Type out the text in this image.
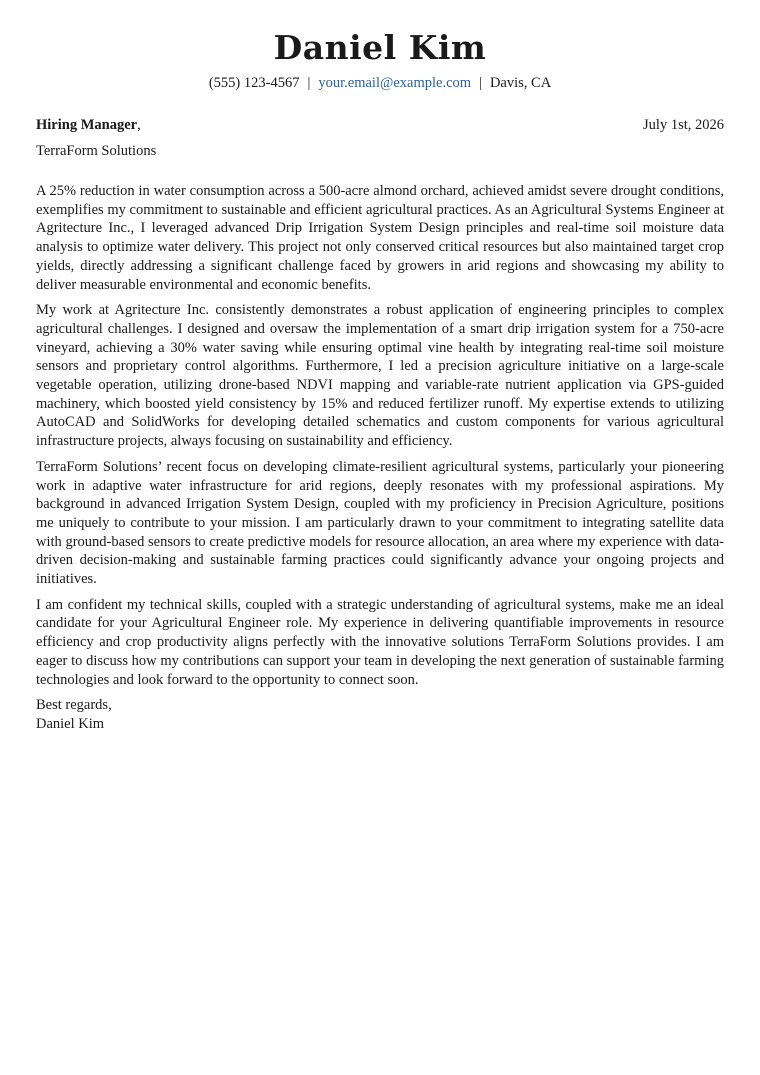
Daniel Kim
(555) 123-4567 | your.email@example.com | Davis, CA
Hiring Manager,	July 1st, 2026
TerraForm Solutions

A 25% reduction in water consumption across a 500-acre almond orchard, achieved amidst severe drought conditions, exemplifies my commitment to sustainable and efficient agricultural practices. As an Agricultural Systems Engineer at Agritecture Inc., I leveraged advanced Drip Irrigation System Design principles and real-time soil moisture data analysis to optimize water delivery. This project not only conserved critical resources but also maintained target crop yields, directly addressing a significant challenge faced by growers in arid regions and showcasing my ability to deliver measurable environmental and economic benefits.

My work at Agritecture Inc. consistently demonstrates a robust application of engineering principles to complex agricultural challenges. I designed and oversaw the implementation of a smart drip irrigation system for a 750-acre vineyard, achieving a 30% water saving while ensuring optimal vine health by integrating real-time soil moisture sensors and proprietary control algorithms. Furthermore, I led a precision agriculture initiative on a large-scale vegetable operation, utilizing drone-based NDVI mapping and variable-rate nutrient application via GPS-guided machinery, which boosted yield consistency by 15% and reduced fertilizer runoff. My expertise extends to utilizing AutoCAD and SolidWorks for developing detailed schematics and custom components for various agricultural infrastructure projects, always focusing on sustainability and efficiency.

TerraForm Solutions’ recent focus on developing climate-resilient agricultural systems, particularly your pioneering work in adaptive water infrastructure for arid regions, deeply resonates with my professional aspirations. My background in advanced Irrigation System Design, coupled with my proficiency in Precision Agriculture, positions me uniquely to contribute to your mission. I am particularly drawn to your commitment to integrating satellite data with ground-based sensors to create predictive models for resource allocation, an area where my experience with data-driven decision-making and sustainable farming practices could significantly advance your ongoing projects and initiatives.

I am confident my technical skills, coupled with a strategic understanding of agricultural systems, make me an ideal candidate for your Agricultural Engineer role. My experience in delivering quantifiable improvements in resource efficiency and crop productivity aligns perfectly with the innovative solutions TerraForm Solutions provides. I am eager to discuss how my contributions can support your team in developing the next generation of sustainable farming technologies and look forward to the opportunity to connect soon.

Best regards,
Daniel Kim
